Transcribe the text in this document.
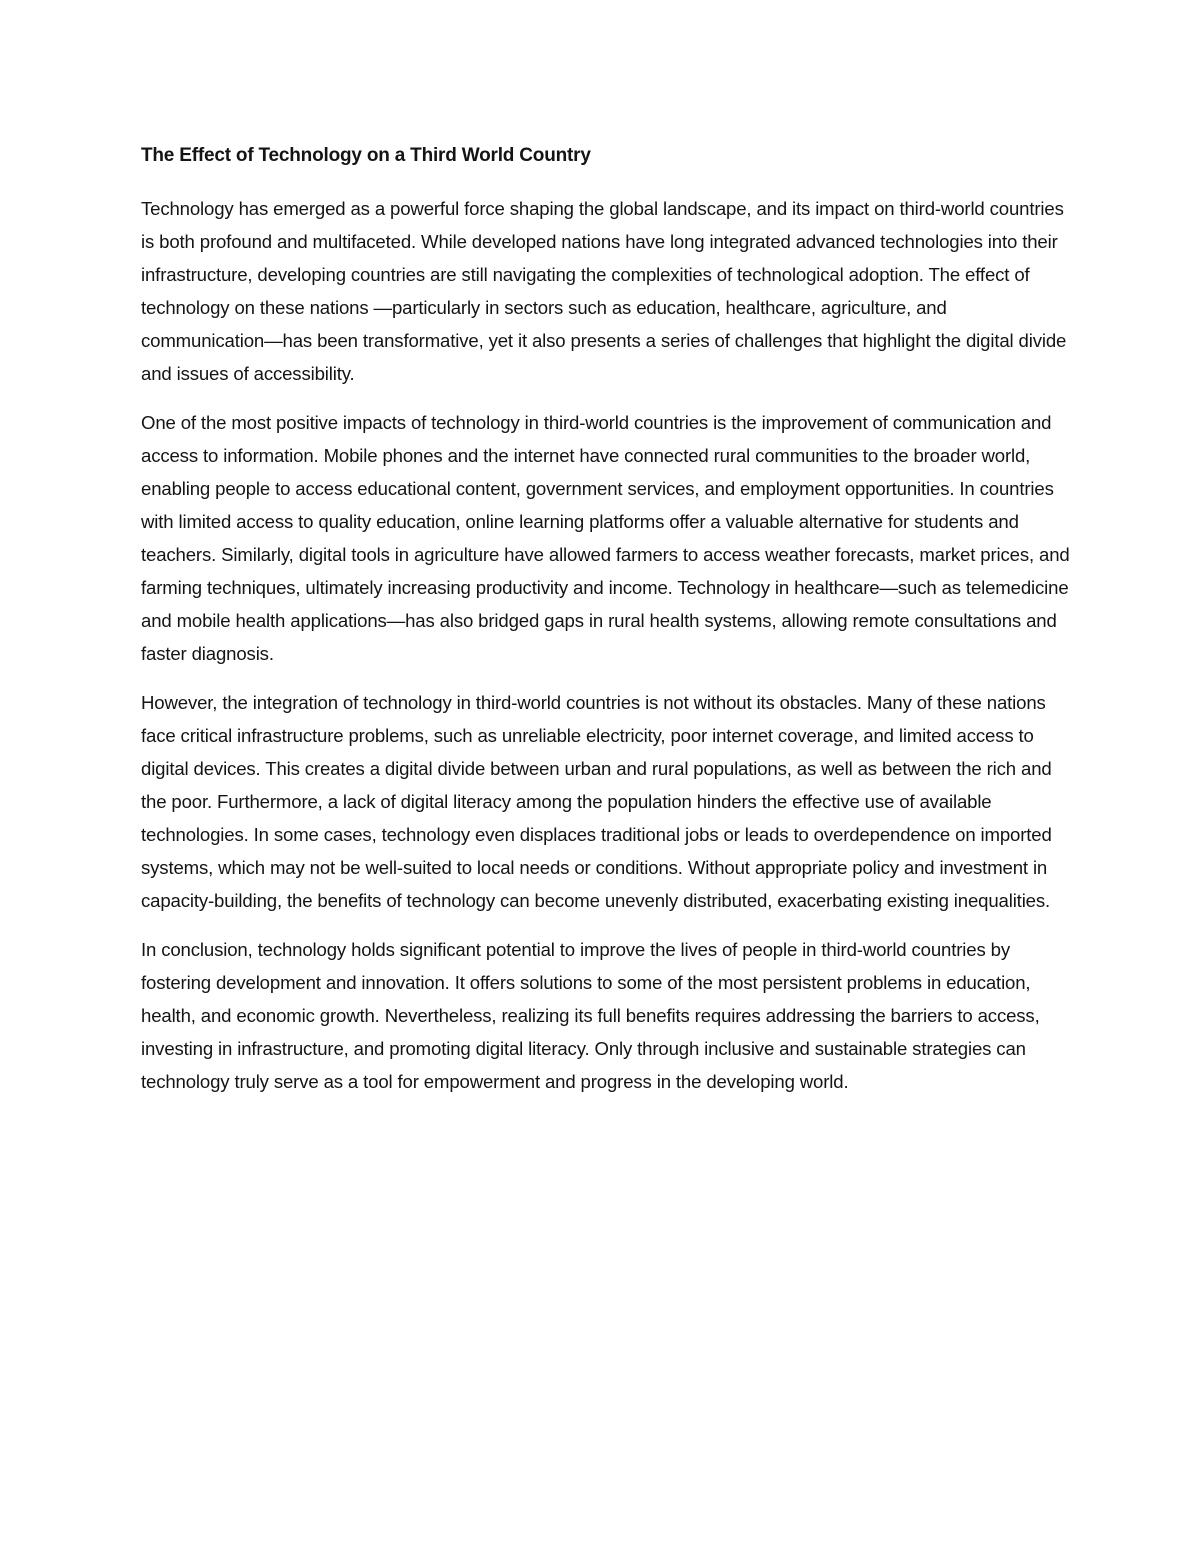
The Effect of Technology on a Third World Country

Technology has emerged as a powerful force shaping the global landscape, and its impact on third-world countries is both profound and multifaceted. While developed nations have long integrated advanced technologies into their infrastructure, developing countries are still navigating the complexities of technological adoption. The effect of technology on these nations —particularly in sectors such as education, healthcare, agriculture, and communication—has been transformative, yet it also presents a series of challenges that highlight the digital divide and issues of accessibility.

One of the most positive impacts of technology in third-world countries is the improvement of communication and access to information. Mobile phones and the internet have connected rural communities to the broader world, enabling people to access educational content, government services, and employment opportunities. In countries with limited access to quality education, online learning platforms offer a valuable alternative for students and teachers. Similarly, digital tools in agriculture have allowed farmers to access weather forecasts, market prices, and farming techniques, ultimately increasing productivity and income. Technology in healthcare—such as telemedicine and mobile health applications—has also bridged gaps in rural health systems, allowing remote consultations and faster diagnosis.

However, the integration of technology in third-world countries is not without its obstacles. Many of these nations face critical infrastructure problems, such as unreliable electricity, poor internet coverage, and limited access to digital devices. This creates a digital divide between urban and rural populations, as well as between the rich and the poor. Furthermore, a lack of digital literacy among the population hinders the effective use of available technologies. In some cases, technology even displaces traditional jobs or leads to overdependence on imported systems, which may not be well-suited to local needs or conditions. Without appropriate policy and investment in capacity-building, the benefits of technology can become unevenly distributed, exacerbating existing inequalities.

In conclusion, technology holds significant potential to improve the lives of people in third-world countries by fostering development and innovation. It offers solutions to some of the most persistent problems in education, health, and economic growth. Nevertheless, realizing its full benefits requires addressing the barriers to access, investing in infrastructure, and promoting digital literacy. Only through inclusive and sustainable strategies can technology truly serve as a tool for empowerment and progress in the developing world.
